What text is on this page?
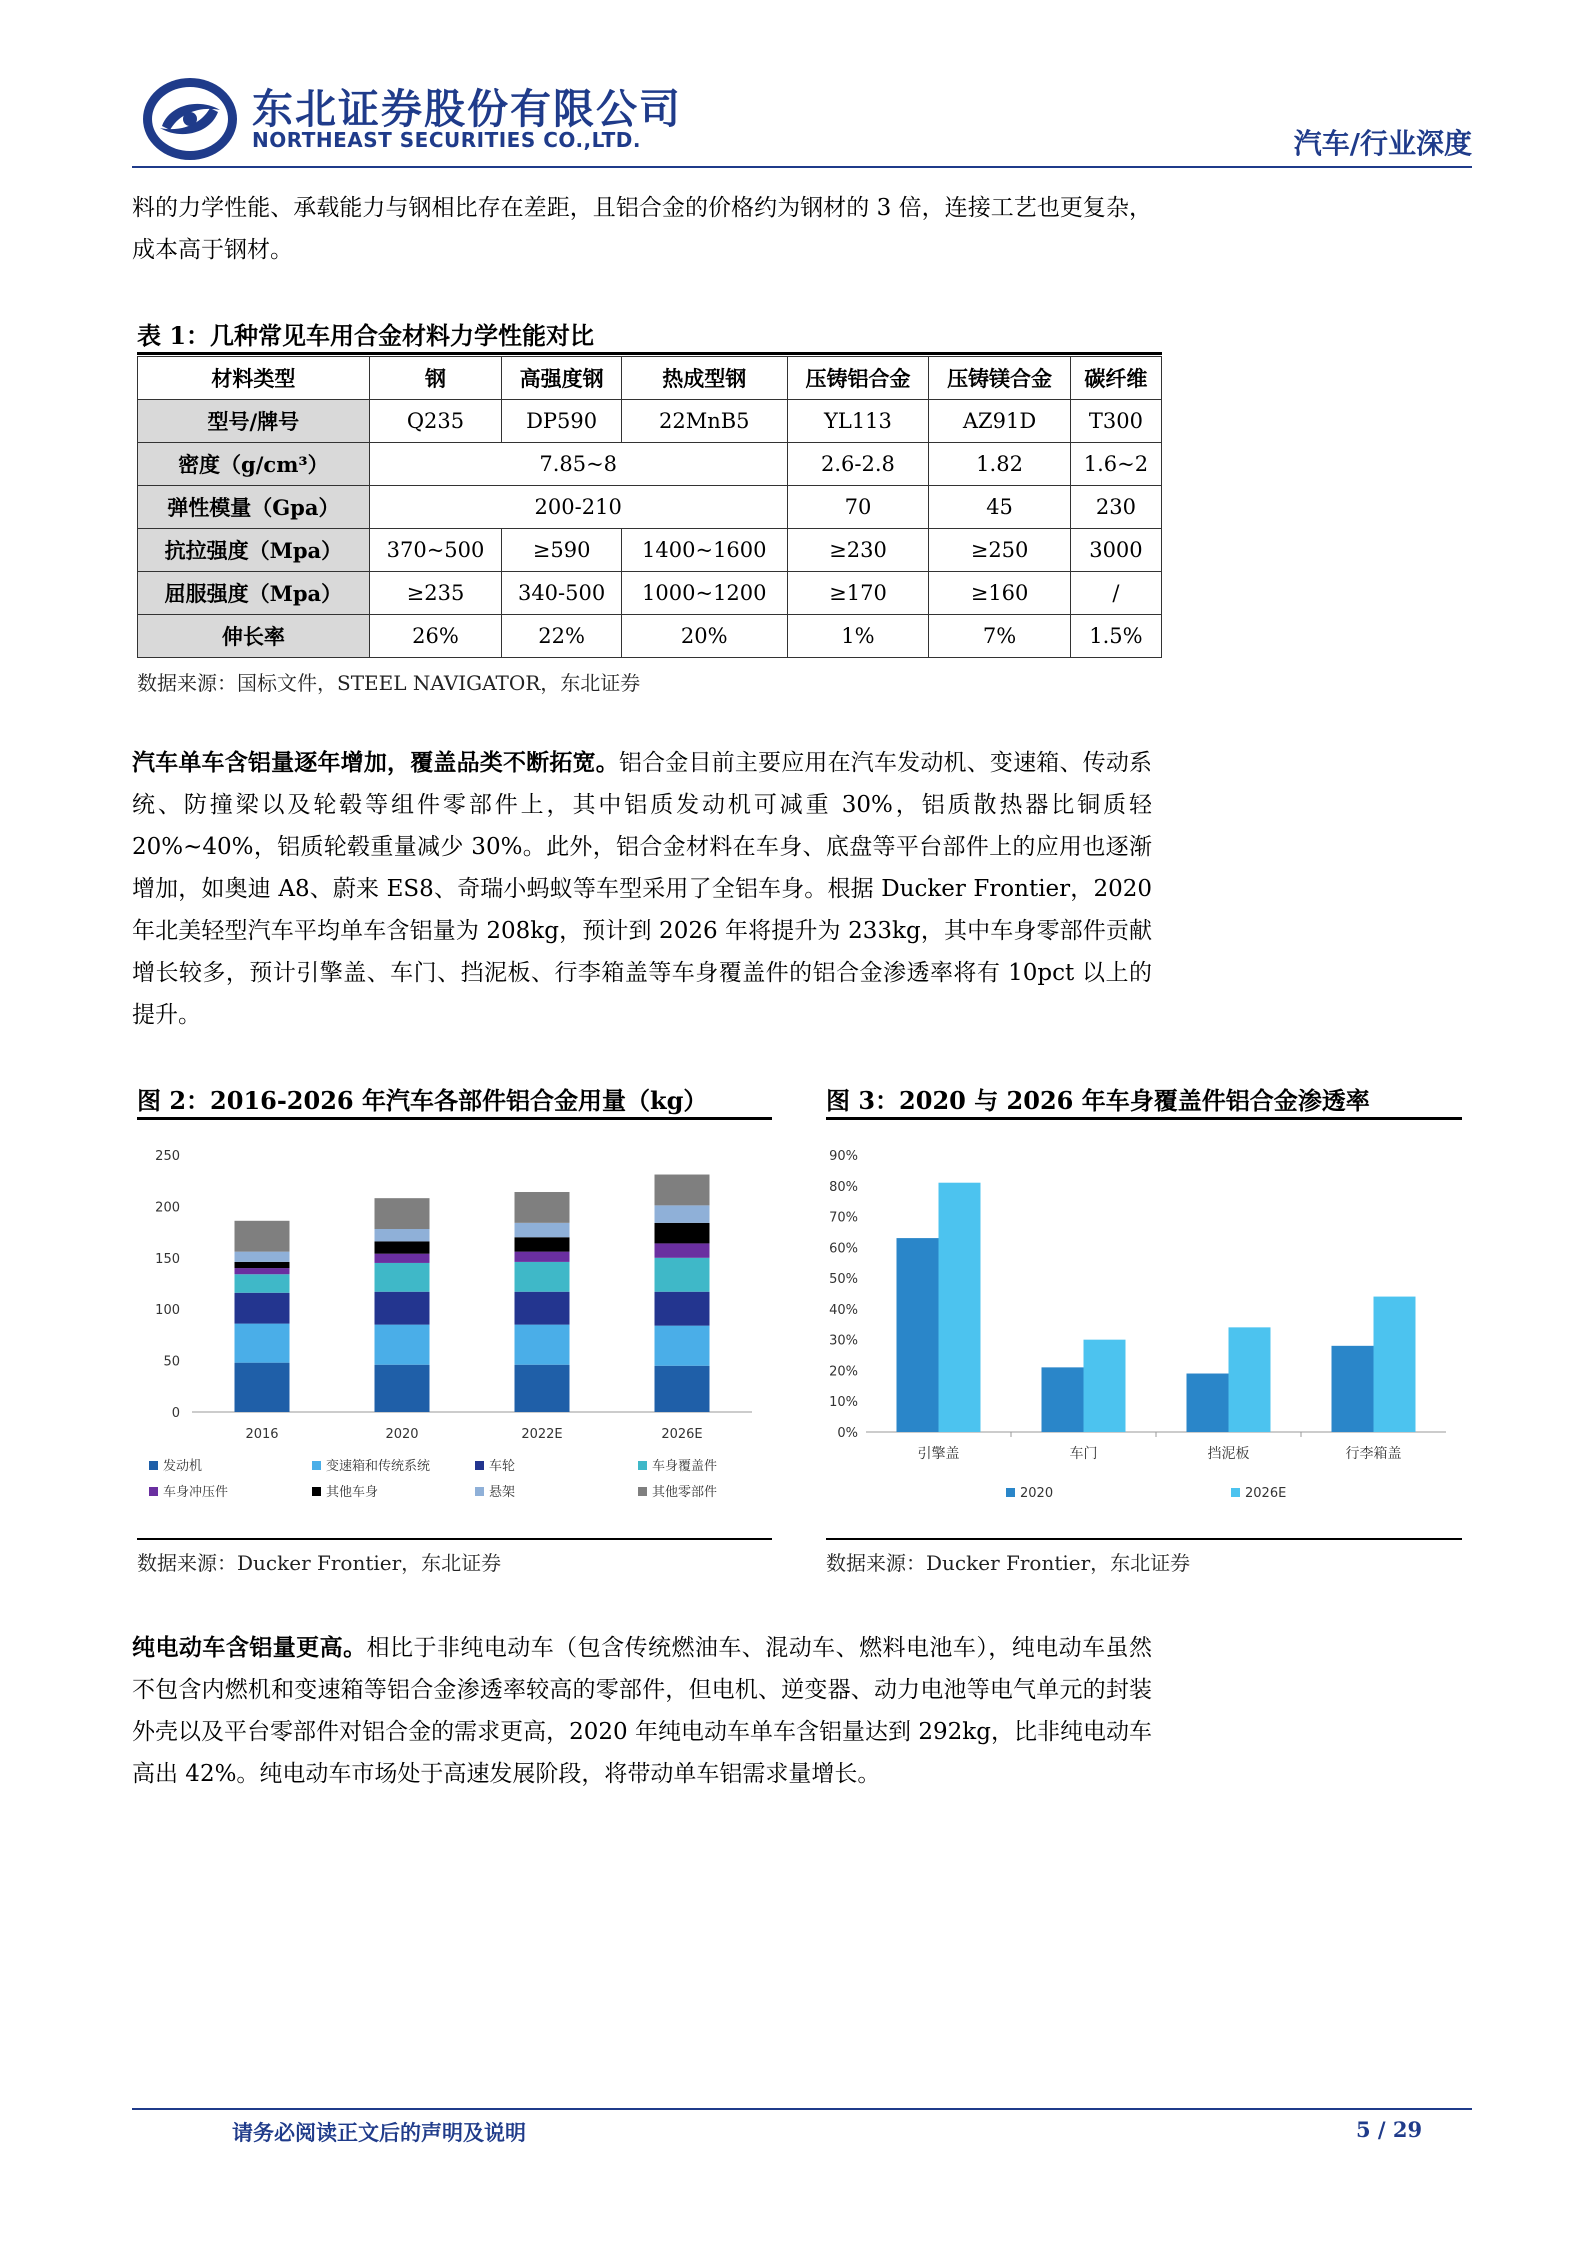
东北证券股份有限公司
NORTHEAST SECURITIES CO.,LTD.	汽车/行业深度
料的力学性能、承载能力与钢相比存在差距，且铝合金的价格约为钢材的 3 倍，连接工艺也更复杂，成本高于钢材。
表 1：几种常见车用合金材料力学性能对比
材料类型	钢	高强度钢	热成型钢	压铸铝合金	压铸镁合金	碳纤维
型号/牌号	Q235	DP590	22MnB5	YL113	AZ91D	T300
密度（g/cm³）	7.85~8			2.6-2.8	1.82	1.6~2
弹性模量（Gpa）	200-210			70	45	230
抗拉强度（Mpa）	370~500	≥590	1400~1600	≥230	≥250	3000
屈服强度（Mpa）	≥235	340-500	1000~1200	≥170	≥160	/
伸长率	26%	22%	20%	1%	7%	1.5%
数据来源：国标文件，STEEL NAVIGATOR，东北证券
汽车单车含铝量逐年增加，覆盖品类不断拓宽。铝合金目前主要应用在汽车发动机、变速箱、传动系统、防撞梁以及轮毂等组件零部件上，其中铝质发动机可减重 30%，铝质散热器比铜质轻 20%~40%，铝质轮毂重量减少 30%。此外，铝合金材料在车身、底盘等平台部件上的应用也逐渐增加，如奥迪 A8、蔚来 ES8、奇瑞小蚂蚁等车型采用了全铝车身。根据 Ducker Frontier，2020 年北美轻型汽车平均单车含铝量为 208kg，预计到 2026 年将提升为 233kg，其中车身零部件贡献增长较多，预计引擎盖、车门、挡泥板、行李箱盖等车身覆盖件的铝合金渗透率将有 10pct 以上的提升。
图 2：2016-2026 年汽车各部件铝合金用量（kg）	图 3：2020 与 2026 年车身覆盖件铝合金渗透率
0
50
100
150
200
250
2016	2020	2022E	2026E
发动机	变速箱和传统系统	车轮	车身覆盖件
车身冲压件	其他车身	悬架	其他零部件
0%
10%
20%
30%
40%
50%
60%
70%
80%
90%
引擎盖	车门	挡泥板	行李箱盖
2020	2026E
数据来源：Ducker Frontier，东北证券	数据来源：Ducker Frontier，东北证券
纯电动车含铝量更高。相比于非纯电动车（包含传统燃油车、混动车、燃料电池车），纯电动车虽然不包含内燃机和变速箱等铝合金渗透率较高的零部件，但电机、逆变器、动力电池等电气单元的封装外壳以及平台零部件对铝合金的需求更高，2020 年纯电动车单车含铝量达到 292kg，比非纯电动车高出 42%。纯电动车市场处于高速发展阶段，将带动单车铝需求量增长。
请务必阅读正文后的声明及说明	5 / 29
